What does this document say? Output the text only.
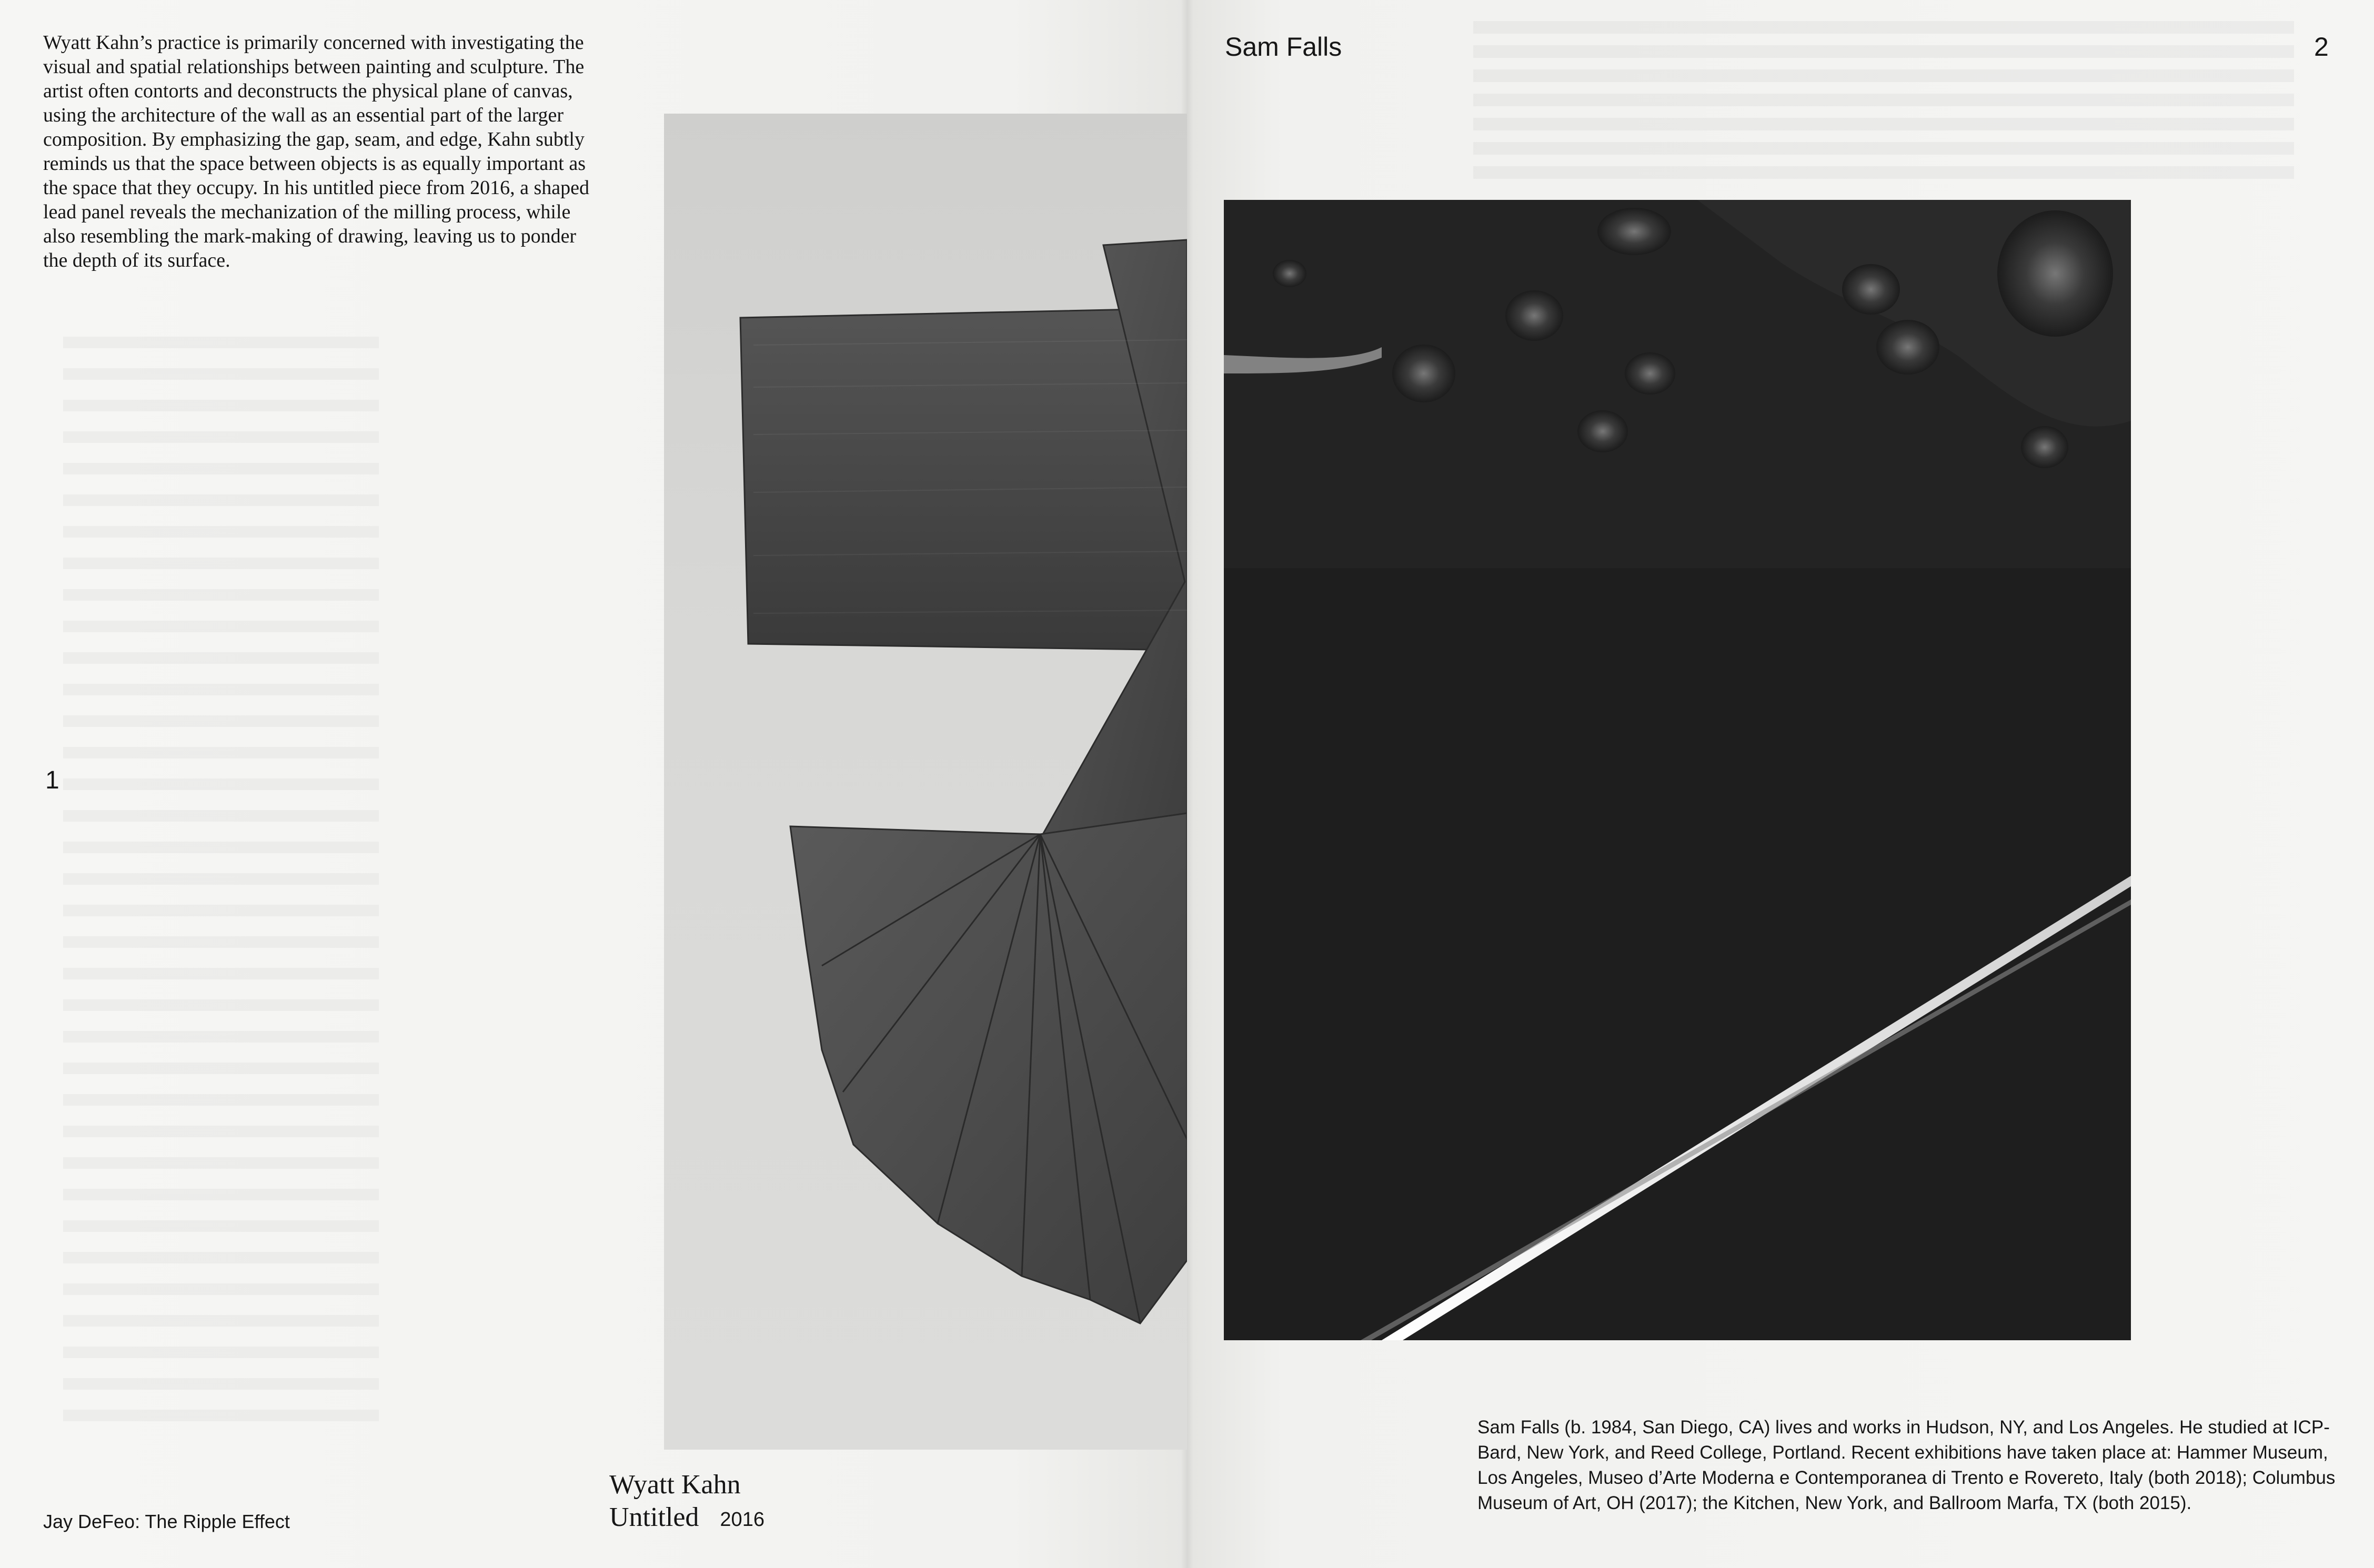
Wyatt Kahn’s practice is primarily concerned with investigating the visual and spatial relationships between painting and sculpture. The artist often contorts and deconstructs the physical plane of canvas, using the architecture of the wall as an essential part of the larger composition. By emphasizing the gap, seam, and edge, Kahn subtly reminds us that the space between objects is as equally important as the space that they occupy. In his untitled piece from 2016, a shaped lead panel reveals the mechanization of the milling process, while also resembling the mark-making of drawing, leaving us to ponder the depth of its surface.

1
Wyatt Kahn
Untitled 2016
Jay DeFeo: The Ripple Effect
Sam Falls	2

Sam Falls (b. 1984, San Diego, CA) lives and works in Hudson, NY, and Los Angeles. He studied at ICP-Bard, New York, and Reed College, Portland. Recent exhibitions have taken place at: Hammer Museum, Los Angeles, Museo d’Arte Moderna e Contemporanea di Trento e Rovereto, Italy (both 2018); Columbus Museum of Art, OH (2017); the Kitchen, New York, and Ballroom Marfa, TX (both 2015).
